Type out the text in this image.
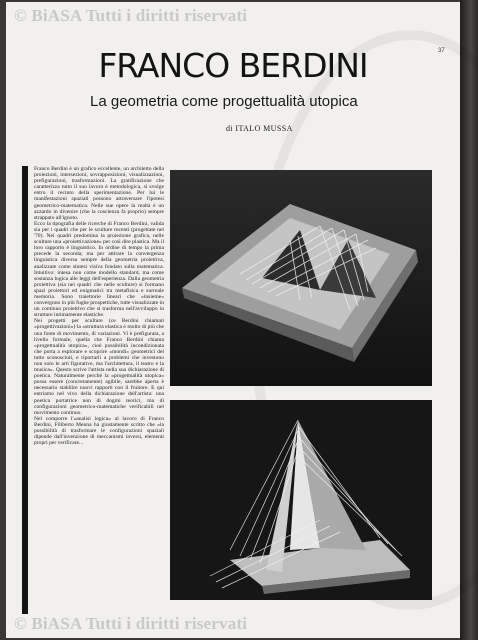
© BiASA Tutti i diritti riservati
© BiASA Tutti i diritti riservati
37
FRANCO BERDINI
La geometria come progettualità utopica
di ITALO MUSSA

Franco Berdini è un grafico eccellente, un architetto della proiezioni, intersezioni, sovrapposizioni, visualizzazioni, prefigurazioni, trasformazioni. La gratificazione che caratterizza tutto il suo lavoro è metodologica, si svolge entro il recinto della sperimentazione. Per lui le manifestazioni spaziali possono attraversare l'ipotesi geometrico-matematica. Nelle sue opere la realtà è un azzardo in divenire (che la coscienza fa proprio) sempre strappato all'ignoto.

Ecco la tipografia delle ricerche di Franco Berdini, valida sia per i quadri che per le sculture recenti (progettate nel '70). Nei quadri predomina la proiezione grafica, nelle sculture una «proiettivazione» per così dire plastica. Ma il loro rapporto è linguistico. In ordine di tempo la prima precede la seconda; ma per attirare la convergenza linguistica diversa sempre della geometria proiettiva, analizzate come sintesi visiva fondato sulla matematica. Intuitivo: intesa non come modello standard, ma come sostanza logica alle leggi dell'esperienza. Dalla geometria proiettiva (sia nei quadri che nelle sculture) si formano spazi proiettori ed enigmatici tra metafisica e surreale memoria. Sono traiettorie lineari che «insieme» convergono in più fughe prospettiche, tutte visualizzate in un continuo proiettivo che si trasforma nell'avviluppo in strutture intimamente elastiche.

Nei progetti per sculture (ce Berdini chiamati «progettivazioni») la «struttura elastica è molto di più che una fonte di movimento, di variazioni. Vi è prefigurata, a livello formale, quella che Franco Berdini chiama «progettualità utopica», cioè possibilità incondizionata che porta a esplorare e scoprire «mondi» geometrici del tutto sconosciuti, e riportarli a problemi che investono non solo le arti figurative, ma l'architettura, il teatro e la musica». Questo scrive l'artista nella sua dichiarazione di poetica. Naturalmente perché la «progettualità utopica» possa essere (concretamente) agibile, sarebbe aperta è necessario stabilire nuovi rapporti con il fruitore. E qui entriamo nel vivo della dichiarazione dell'artista: una poetica portatrice non di dogmi teorici, ma di configurazioni geometrico-matematiche verificabili nel movimento continuo.

Nel comporre l'«analisi logica» al lavoro di Franco Berdini, Filiberto Menna ha giustamente scritto che «la possibilità di trasformare le configurazioni spaziali dipende dall'invenzione di meccanismi inversi, elementi propri per verificare...
